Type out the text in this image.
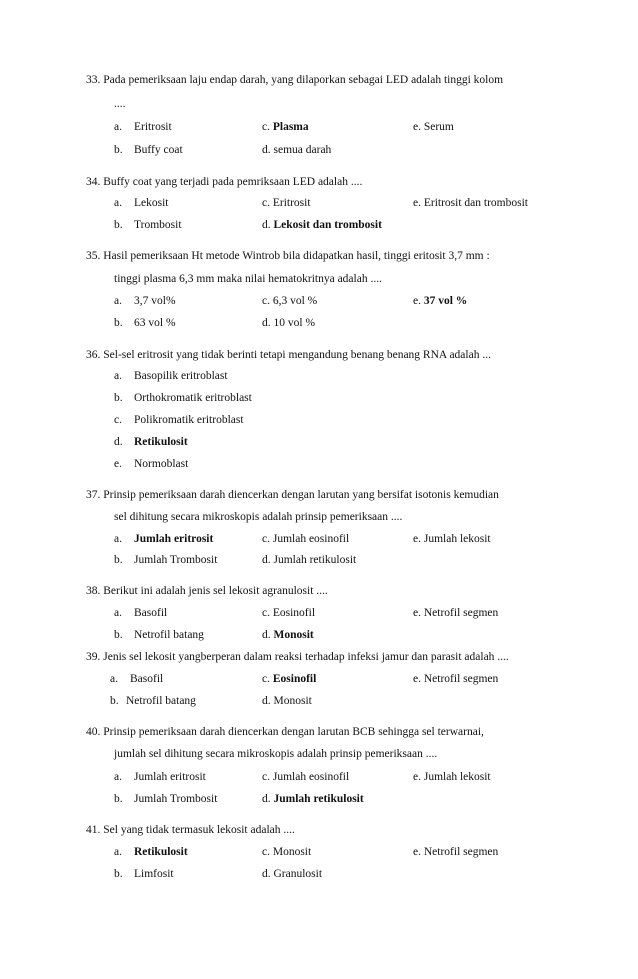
33. Pada pemeriksaan laju endap darah, yang dilaporkan sebagai LED adalah tinggi kolom
....
a. Eritrosit	c. Plasma	e. Serum
b. Buffy coat	d. semua darah
34. Buffy coat yang terjadi pada pemriksaan LED adalah ....
a. Lekosit	c. Eritrosit	e. Eritrosit dan trombosit
b. Trombosit	d. Lekosit dan trombosit
35. Hasil pemeriksaan Ht metode Wintrob bila didapatkan hasil, tinggi eritosit 3,7 mm :
tinggi plasma 6,3 mm maka nilai hematokritnya adalah ....
a. 3,7 vol%	c. 6,3 vol %	e. 37 vol %
b. 63 vol %	d. 10 vol %
36. Sel-sel eritrosit yang tidak berinti tetapi mengandung benang benang RNA adalah ...
a. Basopilik eritroblast
b. Orthokromatik eritroblast
c. Polikromatik eritroblast
d. Retikulosit
e. Normoblast
37. Prinsip pemeriksaan darah diencerkan dengan larutan yang bersifat isotonis kemudian
sel dihitung secara mikroskopis adalah prinsip pemeriksaan ....
a. Jumlah eritrosit	c. Jumlah eosinofil	e. Jumlah lekosit
b. Jumlah Trombosit	d. Jumlah retikulosit
38. Berikut ini adalah jenis sel lekosit agranulosit ....
a. Basofil	c. Eosinofil	e. Netrofil segmen
b. Netrofil batang	d. Monosit
39. Jenis sel lekosit yangberperan dalam reaksi terhadap infeksi jamur dan parasit adalah ....
a. Basofil	c. Eosinofil	e. Netrofil segmen
b. Netrofil batang	d. Monosit
40. Prinsip pemeriksaan darah diencerkan dengan larutan BCB sehingga sel terwarnai,
jumlah sel dihitung secara mikroskopis adalah prinsip pemeriksaan ....
a. Jumlah eritrosit	c. Jumlah eosinofil	e. Jumlah lekosit
b. Jumlah Trombosit	d. Jumlah retikulosit
41. Sel yang tidak termasuk lekosit adalah ....
a. Retikulosit	c. Monosit	e. Netrofil segmen
b. Limfosit	d. Granulosit
